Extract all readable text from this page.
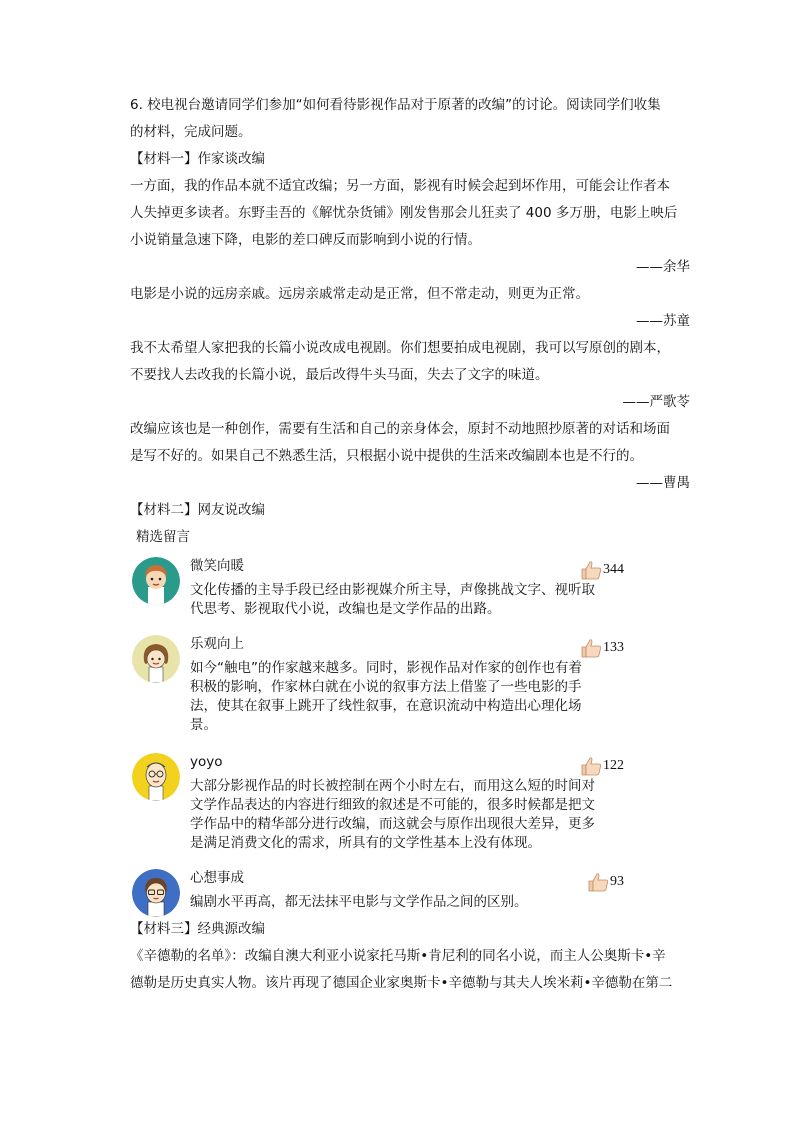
6. 校电视台邀请同学们参加“如何看待影视作品对于原著的改编”的讨论。阅读同学们收集
的材料，完成问题。
【材料一】作家谈改编
一方面，我的作品本就不适宜改编；另一方面，影视有时候会起到坏作用，可能会让作者本
人失掉更多读者。东野圭吾的《解忧杂货铺》刚发售那会儿狂卖了 400 多万册，电影上映后
小说销量急速下降，电影的差口碑反而影响到小说的行情。
——余华
电影是小说的远房亲戚。远房亲戚常走动是正常，但不常走动，则更为正常。
——苏童
我不太希望人家把我的长篇小说改成电视剧。你们想要拍成电视剧，我可以写原创的剧本，
不要找人去改我的长篇小说，最后改得牛头马面，失去了文字的味道。
——严歌苓
改编应该也是一种创作，需要有生活和自己的亲身体会，原封不动地照抄原著的对话和场面
是写不好的。如果自己不熟悉生活，只根据小说中提供的生活来改编剧本也是不行的。
——曹禺
【材料二】网友说改编
精选留言
微笑向暖	344
文化传播的主导手段已经由影视媒介所主导，声像挑战文字、视听取
代思考、影视取代小说，改编也是文学作品的出路。
乐观向上	133
如今“触电”的作家越来越多。同时，影视作品对作家的创作也有着
积极的影响，作家林白就在小说的叙事方法上借鉴了一些电影的手
法，使其在叙事上跳开了线性叙事，在意识流动中构造出心理化场
景。
yoyo	122
大部分影视作品的时长被控制在两个小时左右，而用这么短的时间对
文学作品表达的内容进行细致的叙述是不可能的，很多时候都是把文
学作品中的精华部分进行改编，而这就会与原作出现很大差异，更多
是满足消费文化的需求，所具有的文学性基本上没有体现。
心想事成	93
编剧水平再高，都无法抹平电影与文学作品之间的区别。
【材料三】经典源改编
《辛德勒的名单》：改编自澳大利亚小说家托马斯•肯尼利的同名小说，而主人公奥斯卡•辛
德勒是历史真实人物。该片再现了德国企业家奥斯卡•辛德勒与其夫人埃米莉•辛德勒在第二
